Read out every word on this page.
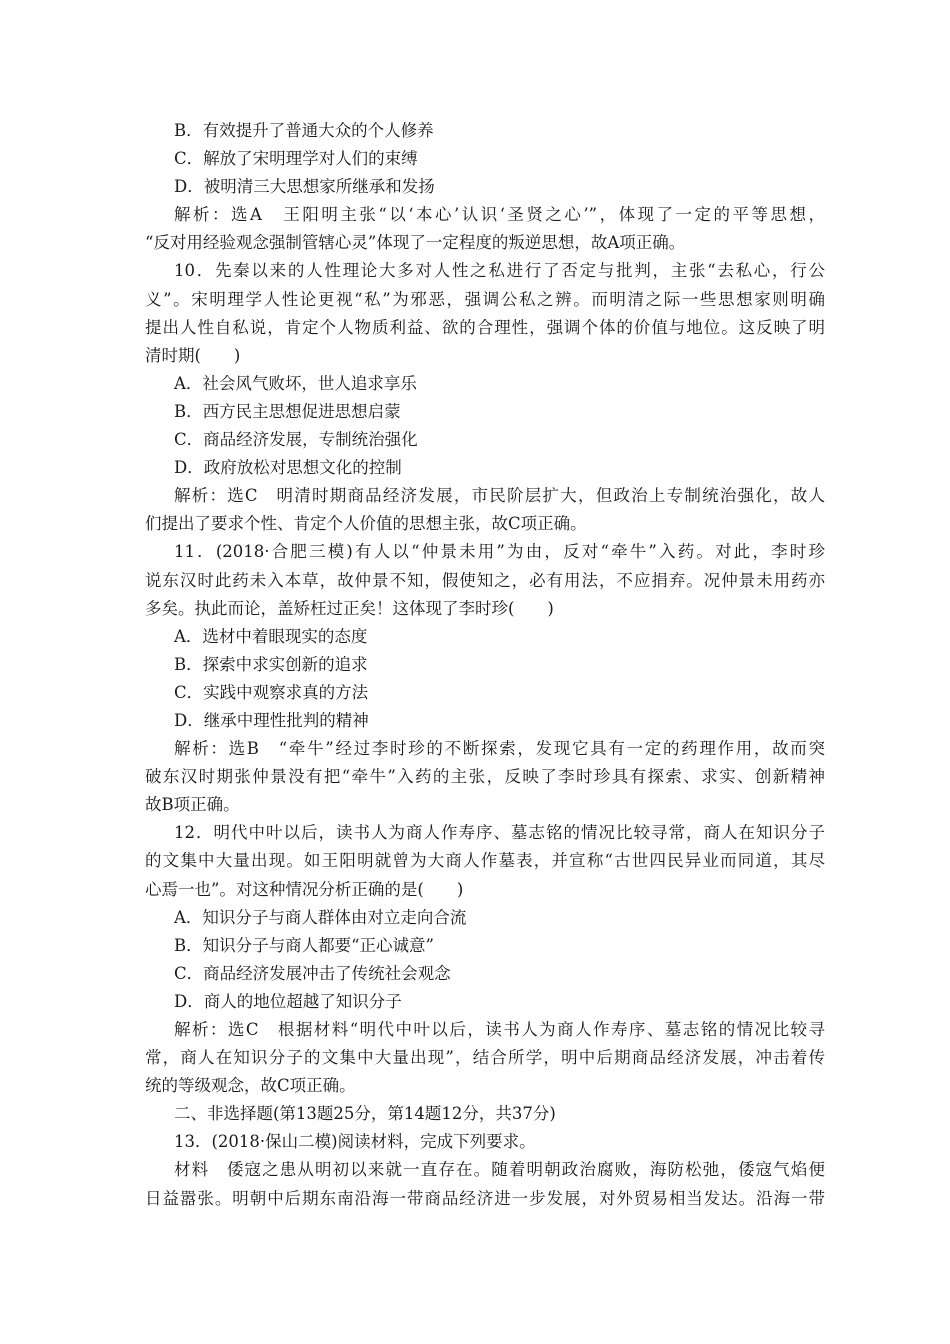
B．有效提升了普通大众的个人修养
C．解放了宋明理学对人们的束缚
D．被明清三大思想家所继承和发扬
解析：选A　王阳明主张“以‘本心’认识‘圣贤之心’”，体现了一定的平等思想，
“反对用经验观念强制管辖心灵”体现了一定程度的叛逆思想，故A项正确。
10．先秦以来的人性理论大多对人性之私进行了否定与批判，主张“去私心，行公
义”。宋明理学人性论更视“私”为邪恶，强调公私之辨。而明清之际一些思想家则明确
提出人性自私说，肯定个人物质利益、欲的合理性，强调个体的价值与地位。这反映了明
清时期(　　)
A．社会风气败坏，世人追求享乐
B．西方民主思想促进思想启蒙
C．商品经济发展，专制统治强化
D．政府放松对思想文化的控制
解析：选C　明清时期商品经济发展，市民阶层扩大，但政治上专制统治强化，故人
们提出了要求个性、肯定个人价值的思想主张，故C项正确。
11．(2018·合肥三模)有人以“仲景未用”为由，反对“牵牛”入药。对此，李时珍
说东汉时此药未入本草，故仲景不知，假使知之，必有用法，不应捐弃。况仲景未用药亦
多矣。执此而论，盖矫枉过正矣！这体现了李时珍(　　)
A．选材中着眼现实的态度
B．探索中求实创新的追求
C．实践中观察求真的方法
D．继承中理性批判的精神
解析：选B　“牵牛”经过李时珍的不断探索，发现它具有一定的药理作用，故而突
破东汉时期张仲景没有把“牵牛”入药的主张，反映了李时珍具有探索、求实、创新精神
故B项正确。
12．明代中叶以后，读书人为商人作寿序、墓志铭的情况比较寻常，商人在知识分子
的文集中大量出现。如王阳明就曾为大商人作墓表，并宣称“古世四民异业而同道，其尽
心焉一也”。对这种情况分析正确的是(　　)
A．知识分子与商人群体由对立走向合流
B．知识分子与商人都要“正心诚意”
C．商品经济发展冲击了传统社会观念
D．商人的地位超越了知识分子
解析：选C　根据材料“明代中叶以后，读书人为商人作寿序、墓志铭的情况比较寻
常，商人在知识分子的文集中大量出现”，结合所学，明中后期商品经济发展，冲击着传
统的等级观念，故C项正确。
二、非选择题(第13题25分，第14题12分，共37分)
13．(2018·保山二模)阅读材料，完成下列要求。
材料　倭寇之患从明初以来就一直存在。随着明朝政治腐败，海防松弛，倭寇气焰便
日益嚣张。明朝中后期东南沿海一带商品经济进一步发展，对外贸易相当发达。沿海一带
